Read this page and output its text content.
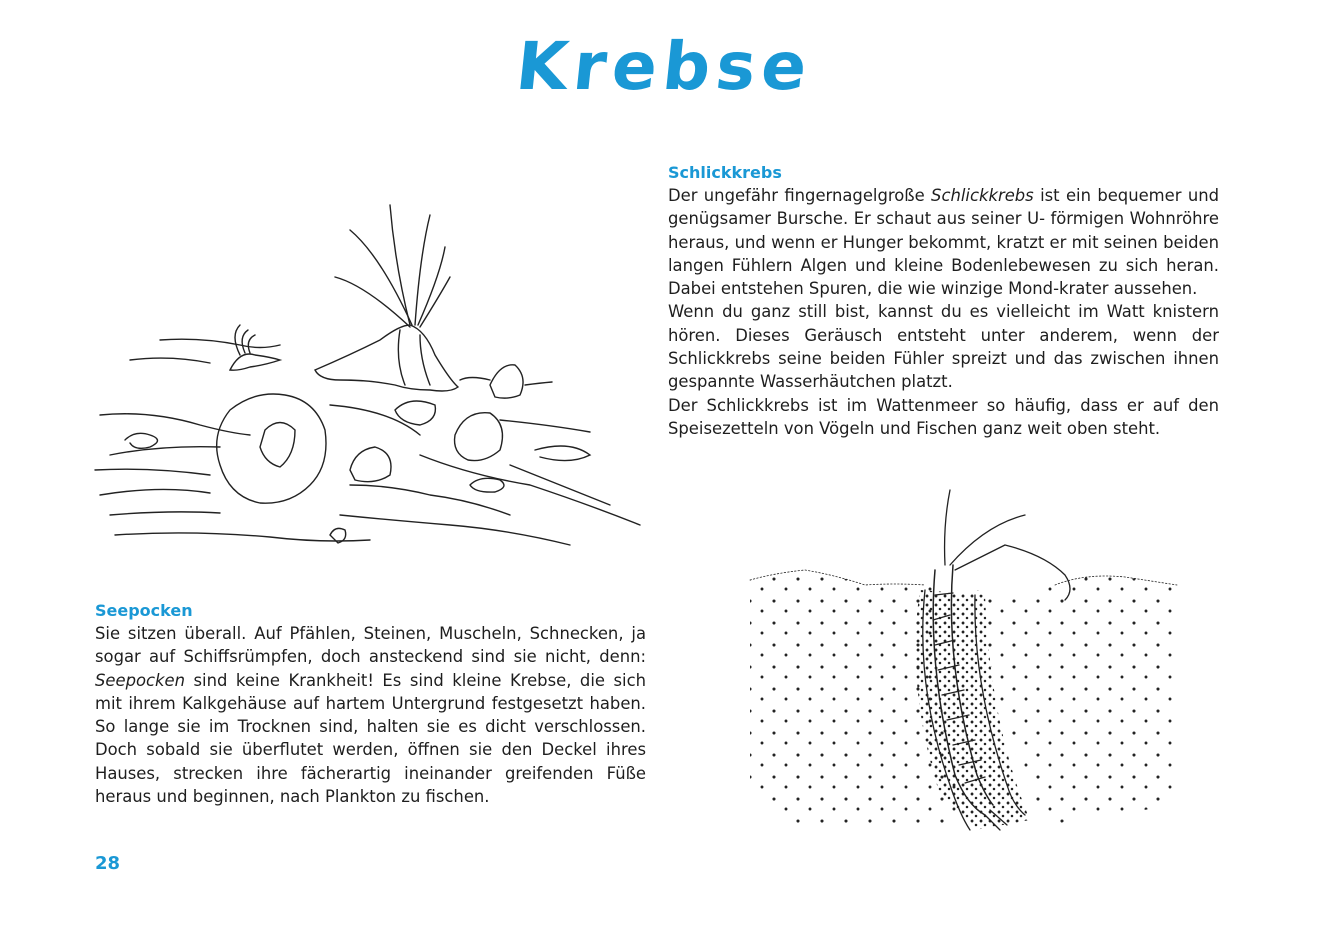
Krebse
Schlickkrebs

Der ungefähr fingernagelgroße Schlickkrebs ist ein bequemer und genügsamer Bursche. Er schaut aus seiner U- förmigen Wohnröhre heraus, und wenn er Hunger bekommt, kratzt er mit seinen beiden langen Fühlern Algen und kleine Bodenlebewesen zu sich heran. Dabei entstehen Spuren, die wie winzige Mond-krater aussehen.

Wenn du ganz still bist, kannst du es vielleicht im Watt knistern hören. Dieses Geräusch entsteht unter anderem, wenn der Schlickkrebs seine beiden Fühler spreizt und das zwischen ihnen gespannte Wasserhäutchen platzt.

Der Schlickkrebs ist im Wattenmeer so häufig, dass er auf den Speisezetteln von Vögeln und Fischen ganz weit oben steht.

Seepocken

Sie sitzen überall. Auf Pfählen, Steinen, Muscheln, Schnecken, ja sogar auf Schiffsrümpfen, doch ansteckend sind sie nicht, denn: Seepocken sind keine Krankheit! Es sind kleine Krebse, die sich mit ihrem Kalkgehäuse auf hartem Untergrund festgesetzt haben. So lange sie im Trocknen sind, halten sie es dicht verschlossen. Doch sobald sie überflutet werden, öffnen sie den Deckel ihres Hauses, strecken ihre fächerartig ineinander greifenden Füße heraus und beginnen, nach Plankton zu fischen.

28
